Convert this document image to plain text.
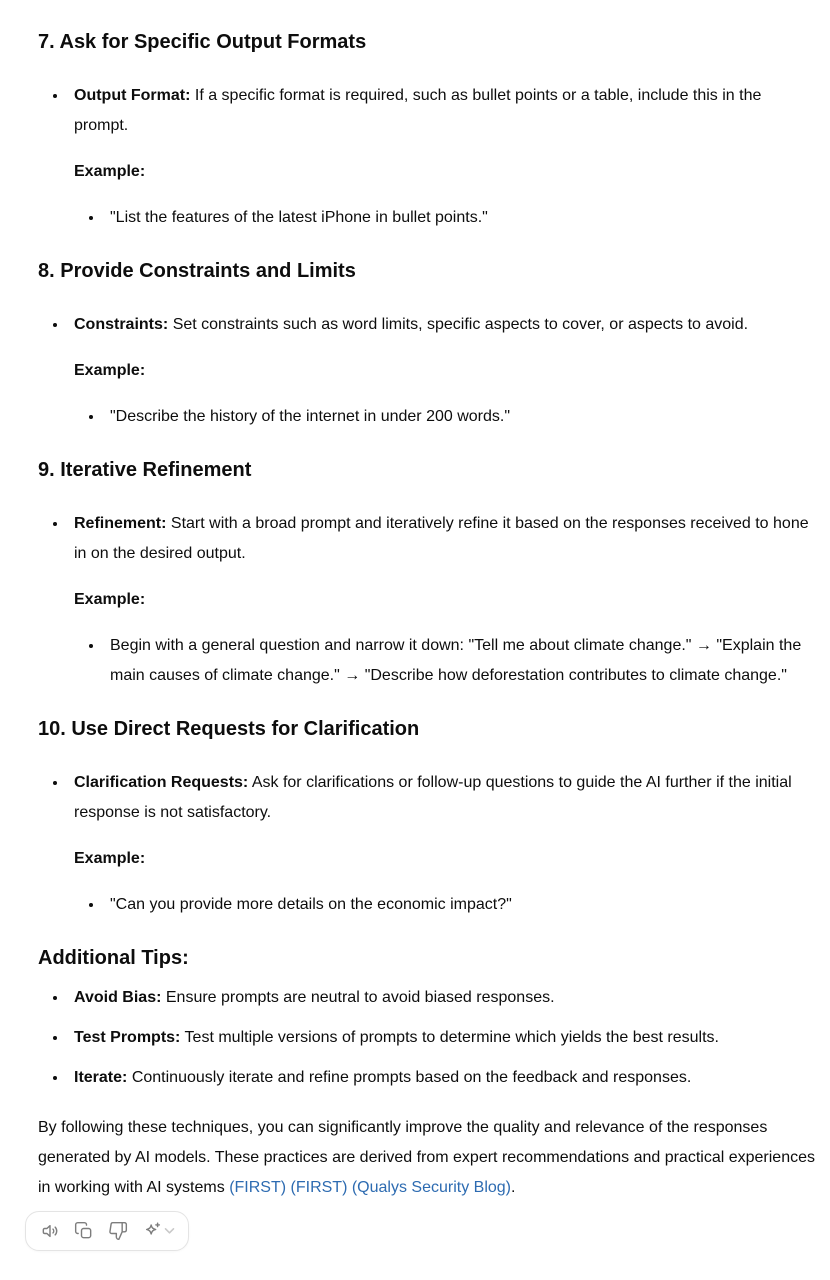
7. Ask for Specific Output Formats

Output Format: If a specific format is required, such as bullet points or a table, include this in the prompt.

Example:

"List the features of the latest iPhone in bullet points."

8. Provide Constraints and Limits

Constraints: Set constraints such as word limits, specific aspects to cover, or aspects to avoid.

Example:

"Describe the history of the internet in under 200 words."

9. Iterative Refinement

Refinement: Start with a broad prompt and iteratively refine it based on the responses received to hone in on the desired output.

Example:

Begin with a general question and narrow it down: "Tell me about climate change." → "Explain the main causes of climate change." → "Describe how deforestation contributes to climate change."

10. Use Direct Requests for Clarification

Clarification Requests: Ask for clarifications or follow-up questions to guide the AI further if the initial response is not satisfactory.

Example:

"Can you provide more details on the economic impact?"

Additional Tips:

Avoid Bias: Ensure prompts are neutral to avoid biased responses.

Test Prompts: Test multiple versions of prompts to determine which yields the best results.

Iterate: Continuously iterate and refine prompts based on the feedback and responses.

By following these techniques, you can significantly improve the quality and relevance of the responses generated by AI models. These practices are derived from expert recommendations and practical experiences in working with AI systems (FIRST) (FIRST) (Qualys Security Blog).
